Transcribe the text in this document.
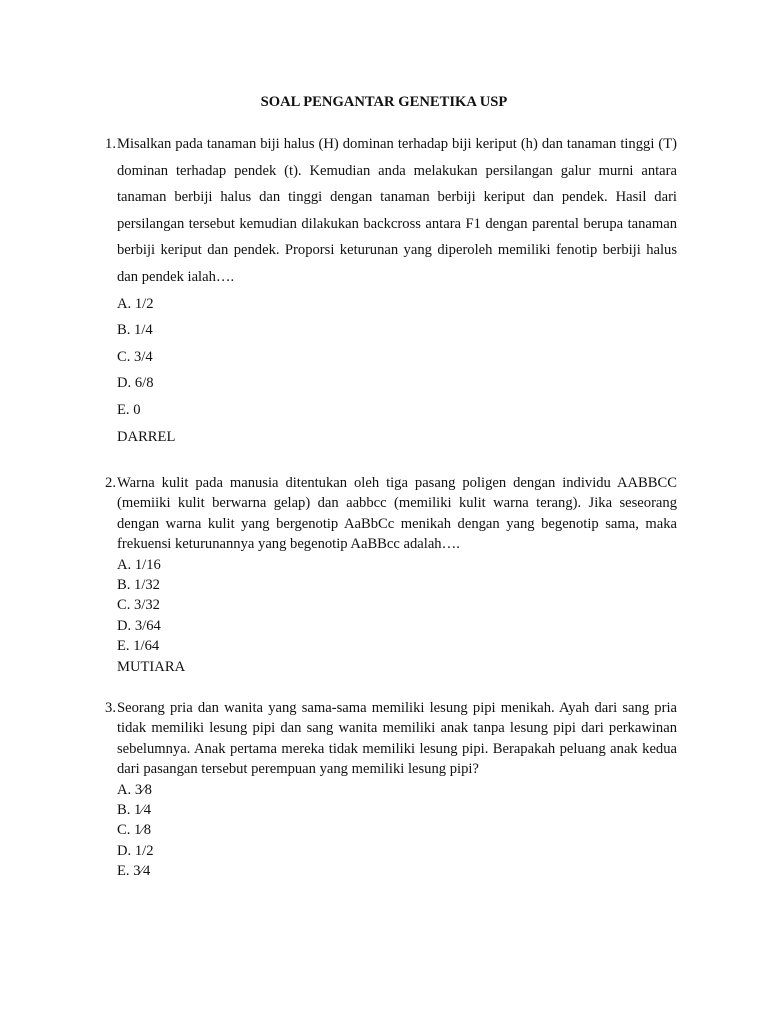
SOAL PENGANTAR GENETIKA USP
1. Misalkan pada tanaman biji halus (H) dominan terhadap biji keriput (h) dan tanaman tinggi (T) dominan terhadap pendek (t). Kemudian anda melakukan persilangan galur murni antara tanaman berbiji halus dan tinggi dengan tanaman berbiji keriput dan pendek. Hasil dari persilangan tersebut kemudian dilakukan backcross antara F1 dengan parental berupa tanaman berbiji keriput dan pendek. Proporsi keturunan yang diperoleh memiliki fenotip berbiji halus dan pendek ialah….

A. 1/2

B. 1/4

C. 3/4

D. 6/8

E. 0

DARREL

2. Warna kulit pada manusia ditentukan oleh tiga pasang poligen dengan individu AABBCC (memiiki kulit berwarna gelap) dan aabbcc (memiliki kulit warna terang). Jika seseorang dengan warna kulit yang bergenotip AaBbCc menikah dengan yang begenotip sama, maka frekuensi keturunannya yang begenotip AaBBcc adalah….

A. 1/16

B. 1/32

C. 3/32

D. 3/64

E. 1/64

MUTIARA

3. Seorang pria dan wanita yang sama-sama memiliki lesung pipi menikah. Ayah dari sang pria tidak memiliki lesung pipi dan sang wanita memiliki anak tanpa lesung pipi dari perkawinan sebelumnya. Anak pertama mereka tidak memiliki lesung pipi. Berapakah peluang anak kedua dari pasangan tersebut perempuan yang memiliki lesung pipi?

A. 3⁄8

B. 1⁄4

C. 1⁄8

D. 1/2

E. 3⁄4
